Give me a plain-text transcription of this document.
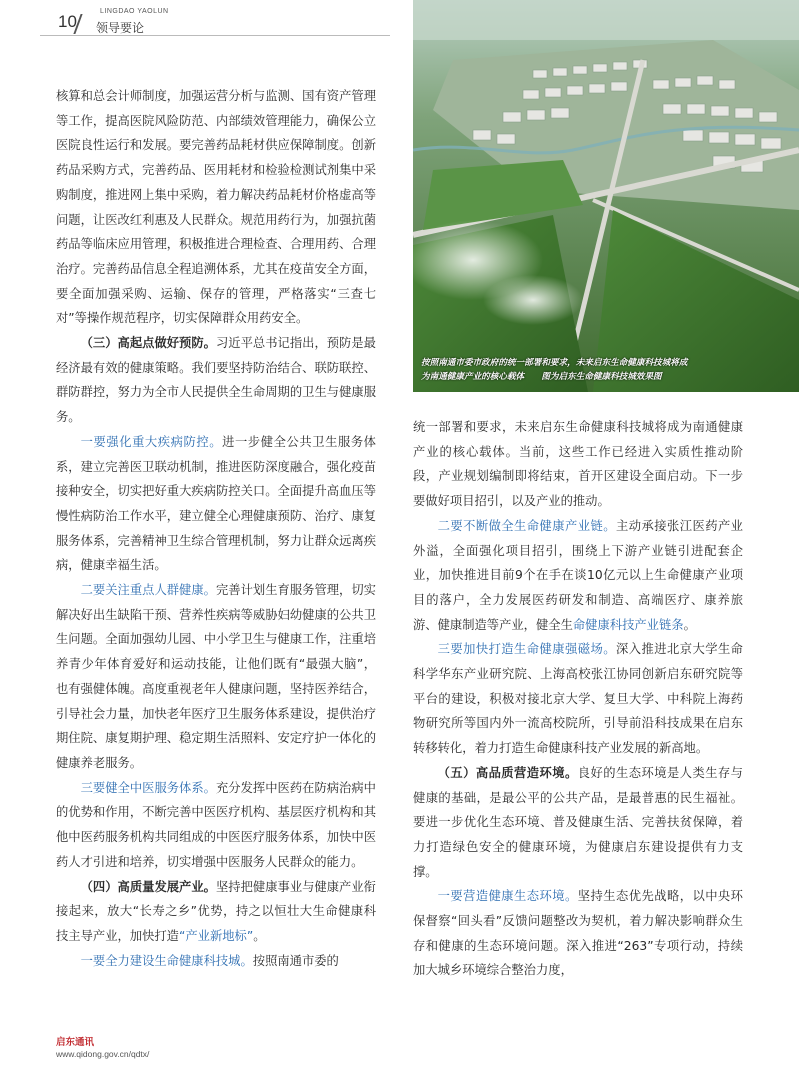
10
LINGDAO YAOLUN
领导要论

核算和总会计师制度，加强运营分析与监测、国有资产管理等工作，提高医院风险防范、内部绩效管理能力，确保公立医院良性运行和发展。要完善药品耗材供应保障制度。创新药品采购方式，完善药品、医用耗材和检验检测试剂集中采购制度，推进网上集中采购，着力解决药品耗材价格虚高等问题，让医改红利惠及人民群众。规范用药行为，加强抗菌药品等临床应用管理，积极推进合理检查、合理用药、合理治疗。完善药品信息全程追溯体系，尤其在疫苗安全方面，要全面加强采购、运输、保存的管理，严格落实“三查七对”等操作规范程序，切实保障群众用药安全。

（三）高起点做好预防。习近平总书记指出，预防是最经济最有效的健康策略。我们要坚持防治结合、联防联控、群防群控，努力为全市人民提供全生命周期的卫生与健康服务。

一要强化重大疾病防控。进一步健全公共卫生服务体系，建立完善医卫联动机制，推进医防深度融合，强化疫苗接种安全，切实把好重大疾病防控关口。全面提升高血压等慢性病防治工作水平，建立健全心理健康预防、治疗、康复服务体系，完善精神卫生综合管理机制，努力让群众远离疾病，健康幸福生活。

二要关注重点人群健康。完善计划生育服务管理，切实解决好出生缺陷干预、营养性疾病等威胁妇幼健康的公共卫生问题。全面加强幼儿园、中小学卫生与健康工作，注重培养青少年体育爱好和运动技能，让他们既有“最强大脑”，也有强健体魄。高度重视老年人健康问题，坚持医养结合，引导社会力量，加快老年医疗卫生服务体系建设，提供治疗期住院、康复期护理、稳定期生活照料、安定疗护一体化的健康养老服务。

三要健全中医服务体系。充分发挥中医药在防病治病中的优势和作用，不断完善中医医疗机构、基层医疗机构和其他中医药服务机构共同组成的中医医疗服务体系，加快中医药人才引进和培养，切实增强中医服务人民群众的能力。

（四）高质量发展产业。坚持把健康事业与健康产业衔接起来，放大“长寿之乡”优势，持之以恒壮大生命健康科技主导产业，加快打造“产业新地标”。

一要全力建设生命健康科技城。按照南通市委的

按照南通市委市政府的统一部署和要求，未来启东生命健康科技城将成
为南通健康产业的核心载体　　图为启东生命健康科技城效果图

统一部署和要求，未来启东生命健康科技城将成为南通健康产业的核心载体。当前，这些工作已经进入实质性推动阶段，产业规划编制即将结束，首开区建设全面启动。下一步要做好项目招引，以及产业的推动。

二要不断做全生命健康产业链。主动承接张江医药产业外溢，全面强化项目招引，围绕上下游产业链引进配套企业，加快推进目前9个在手在谈10亿元以上生命健康产业项目的落户，全力发展医药研发和制造、高端医疗、康养旅游、健康制造等产业，健全生命健康科技产业链条。

三要加快打造生命健康强磁场。深入推进北京大学生命科学华东产业研究院、上海高校张江协同创新启东研究院等平台的建设，积极对接北京大学、复旦大学、中科院上海药物研究所等国内外一流高校院所，引导前沿科技成果在启东转移转化，着力打造生命健康科技产业发展的新高地。

（五）高品质营造环境。良好的生态环境是人类生存与健康的基础，是最公平的公共产品，是最普惠的民生福祉。要进一步优化生态环境、普及健康生活、完善扶贫保障，着力打造绿色安全的健康环境，为健康启东建设提供有力支撑。

一要营造健康生态环境。坚持生态优先战略，以中央环保督察“回头看”反馈问题整改为契机，着力解决影响群众生存和健康的生态环境问题。深入推进“263”专项行动，持续加大城乡环境综合整治力度，

启东通讯
www.qidong.gov.cn/qdtx/
